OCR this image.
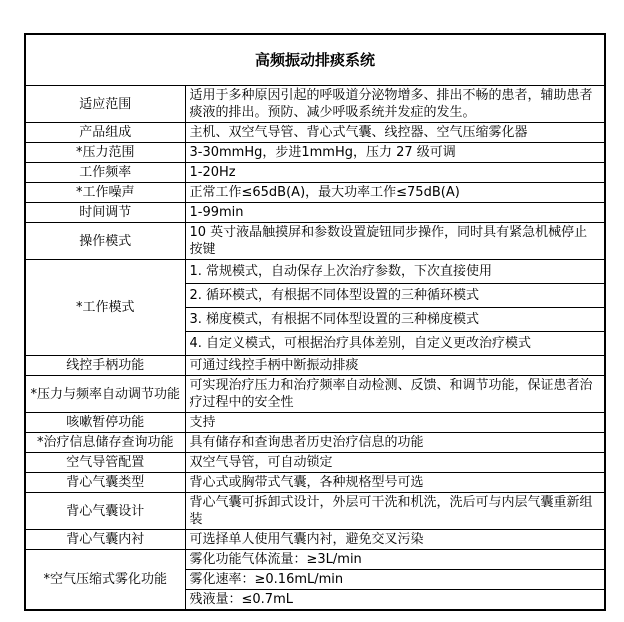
高频振动排痰系统	
适应范围	适用于多种原因引起的呼吸道分泌物增多、排出不畅的患者，辅助患者痰液的排出。预防、减少呼吸系统并发症的发生。
产品组成	主机、双空气导管、背心式气囊、线控器、空气压缩雾化器
*压力范围	3-30mmHg，步进1mmHg，压力 27 级可调
工作频率	1-20Hz
*工作噪声	正常工作≤65dB(A)，最大功率工作≤75dB(A)
时间调节	1-99min
操作模式	10 英寸液晶触摸屏和参数设置旋钮同步操作，同时具有紧急机械停止按键
*工作模式	1. 常规模式，自动保存上次治疗参数，下次直接使用
	2. 循环模式，有根据不同体型设置的三种循环模式
	3. 梯度模式，有根据不同体型设置的三种梯度模式
	4. 自定义模式，可根据治疗具体差别，自定义更改治疗模式
线控手柄功能	可通过线控手柄中断振动排痰
*压力与频率自动调节功能	可实现治疗压力和治疗频率自动检测、反馈、和调节功能，保证患者治疗过程中的安全性
咳嗽暂停功能	支持
*治疗信息储存查询功能	具有储存和查询患者历史治疗信息的功能
空气导管配置	双空气导管，可自动锁定
背心气囊类型	背心式或胸带式气囊，各种规格型号可选
背心气囊设计	背心气囊可拆卸式设计，外层可干洗和机洗，洗后可与内层气囊重新组装
背心气囊内衬	可选择单人使用气囊内衬，避免交叉污染
*空气压缩式雾化功能	雾化功能气体流量：≥3L/min
	雾化速率：≥0.16mL/min
	残液量：≤0.7mL
